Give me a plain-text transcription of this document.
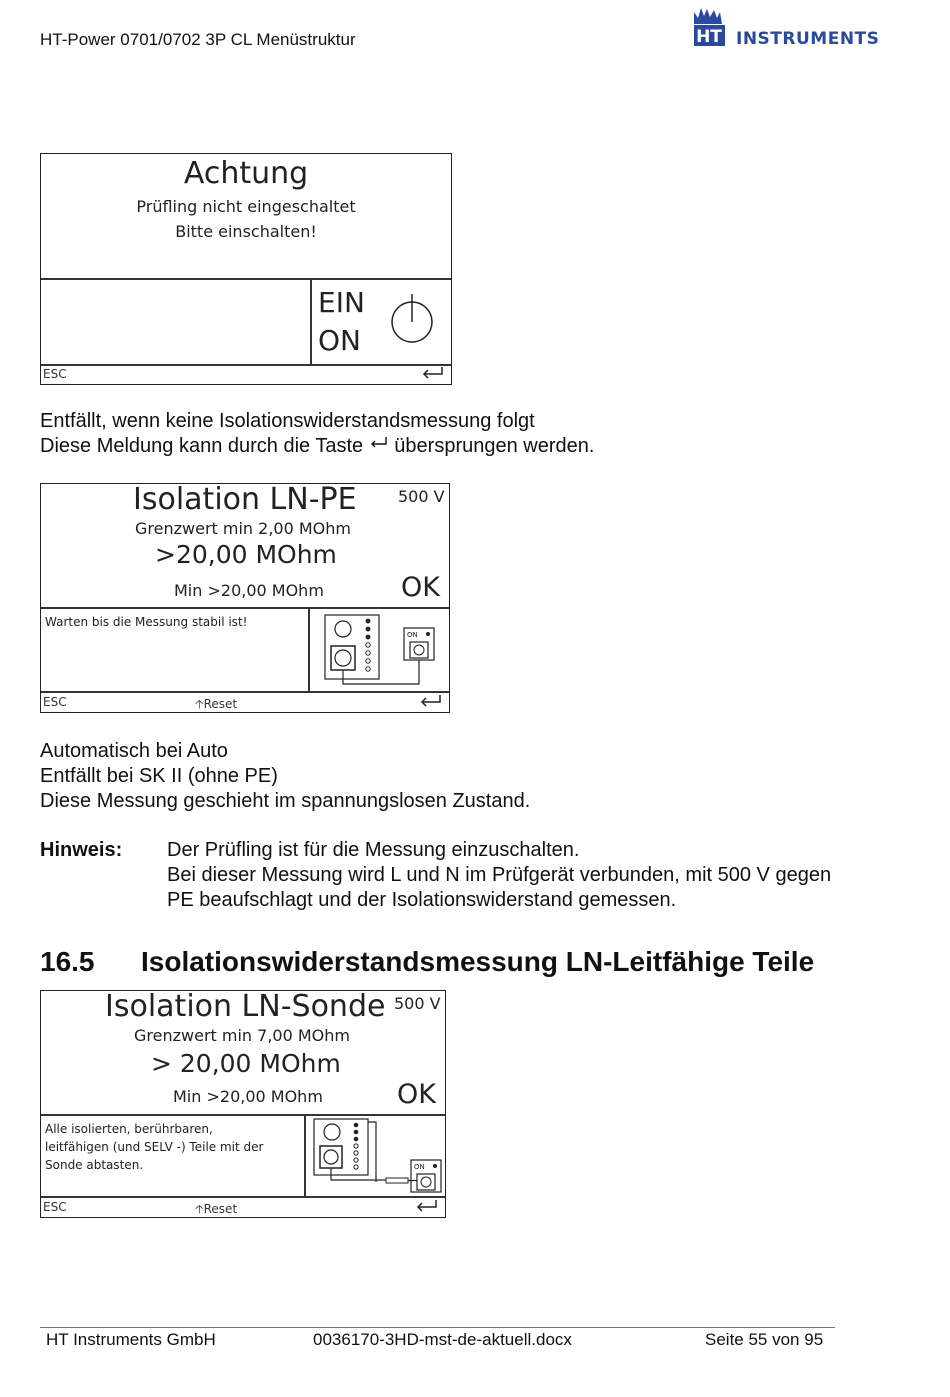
HT-Power 0701/0702 3P CL Menüstruktur	HT INSTRUMENTS
Achtung
Prüfling nicht eingeschaltet
Bitte einschalten!
EIN
ON
ESC
Entfällt, wenn keine Isolationswiderstandsmessung folgt
Diese Meldung kann durch die Taste übersprungen werden.
Isolation LN-PE	500 V
Grenzwert min 2,00 MOhm
>20,00 MOhm
Min >20,00 MOhm	OK
Warten bis die Messung stabil ist!
ON
ESC	🡡Reset
Automatisch bei Auto
Entfällt bei SK II (ohne PE)
Diese Messung geschieht im spannungslosen Zustand.
Hinweis: Der Prüfling ist für die Messung einzuschalten.
Bei dieser Messung wird L und N im Prüfgerät verbunden, mit 500 V gegen
PE beaufschlagt und der Isolationswiderstand gemessen.
16.5 Isolationswiderstandsmessung LN-Leitfähige Teile
Isolation LN-Sonde 500 V
Grenzwert min 7,00 MOhm
> 20,00 MOhm
Min >20,00 MOhm	OK
Alle isolierten, berührbaren,
leitfähigen (und SELV -) Teile mit der
Sonde abtasten.	ON
ESC	🡡Reset
HT Instruments GmbH	0036170-3HD-mst-de-aktuell.docx	Seite 55 von 95
